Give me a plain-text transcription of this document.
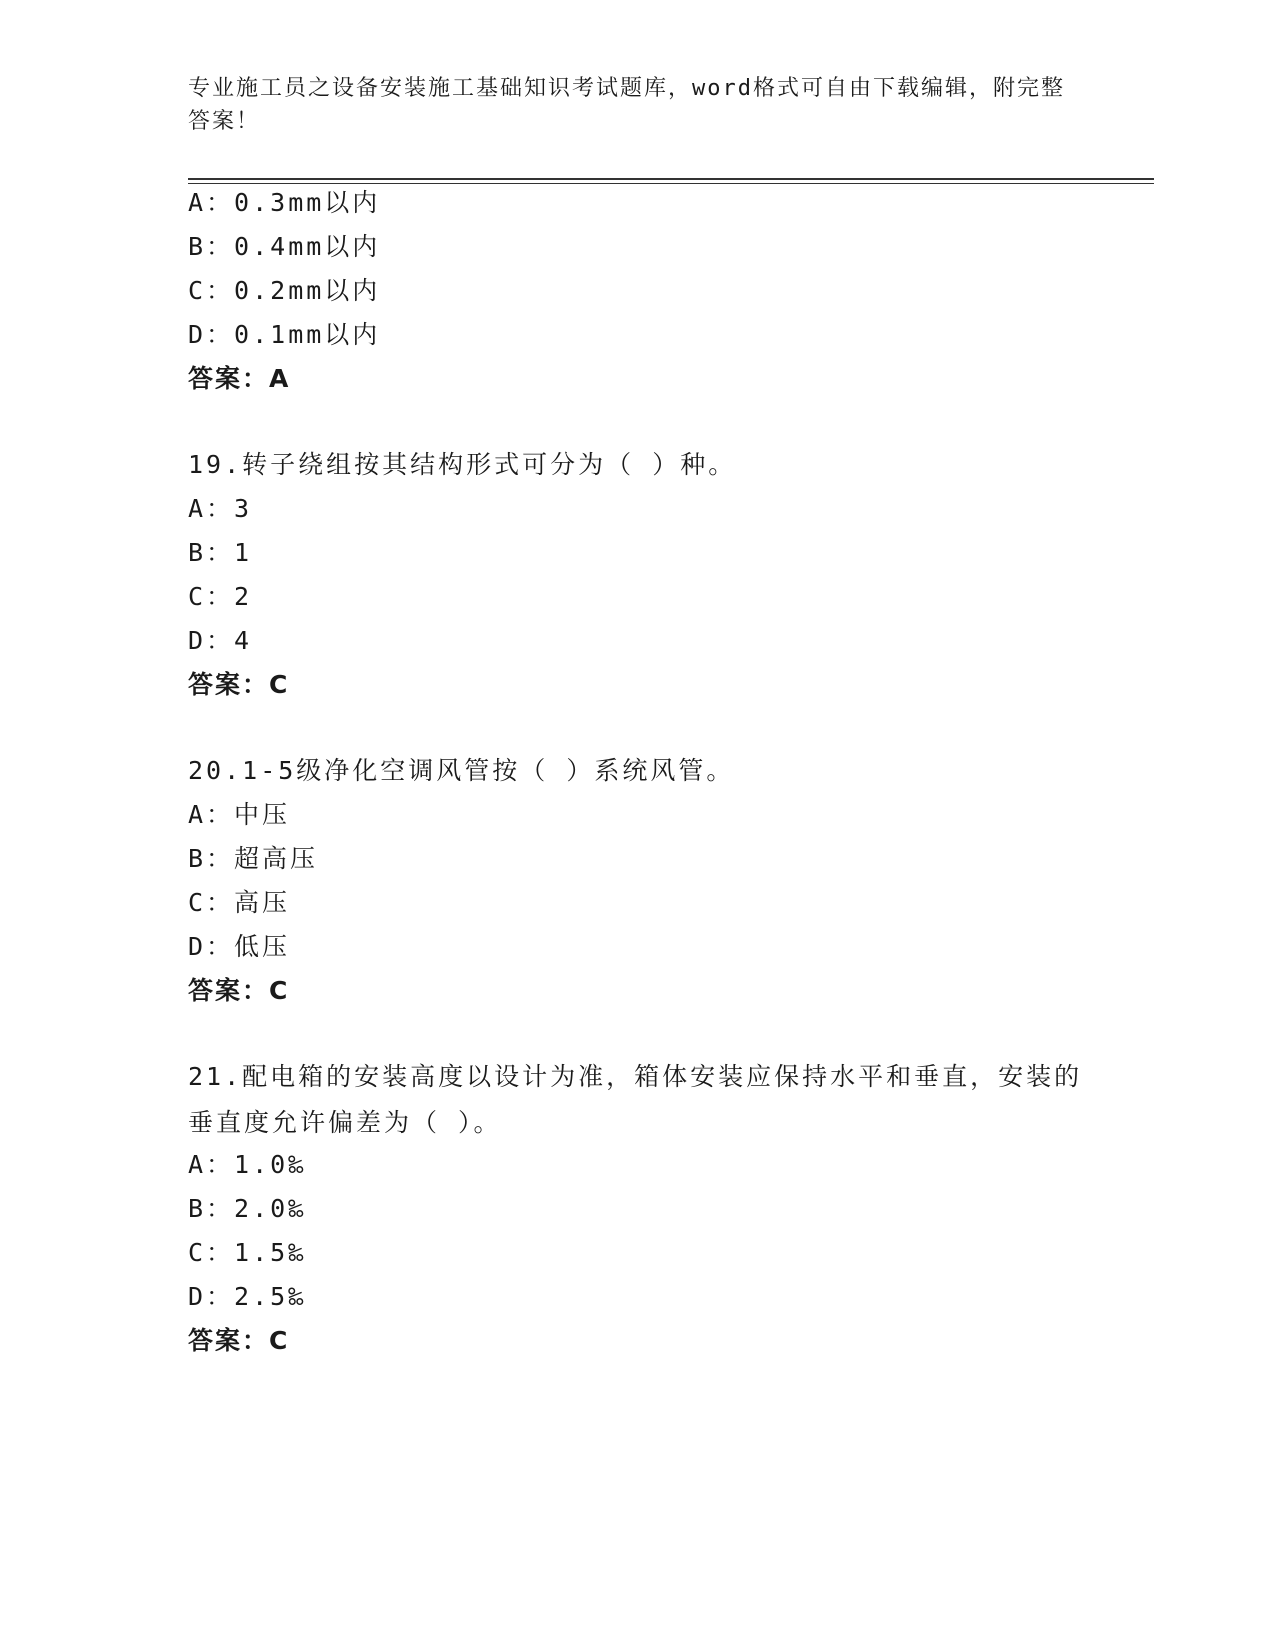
专业施工员之设备安装施工基础知识考试题库，word格式可自由下载编辑，附完整答案！
A：0.3mm以内
B：0.4mm以内
C：0.2mm以内
D：0.1mm以内
答案：A
19.转子绕组按其结构形式可分为（ ）种。
A：3
B：1
C：2
D：4
答案：C
20.1-5级净化空调风管按（ ）系统风管。
A：中压
B：超高压
C：高压
D：低压
答案：C
21.配电箱的安装高度以设计为准，箱体安装应保持水平和垂直，安装的垂直度允许偏差为（ ）。
A：1.0‰
B：2.0‰
C：1.5‰
D：2.5‰
答案：C
